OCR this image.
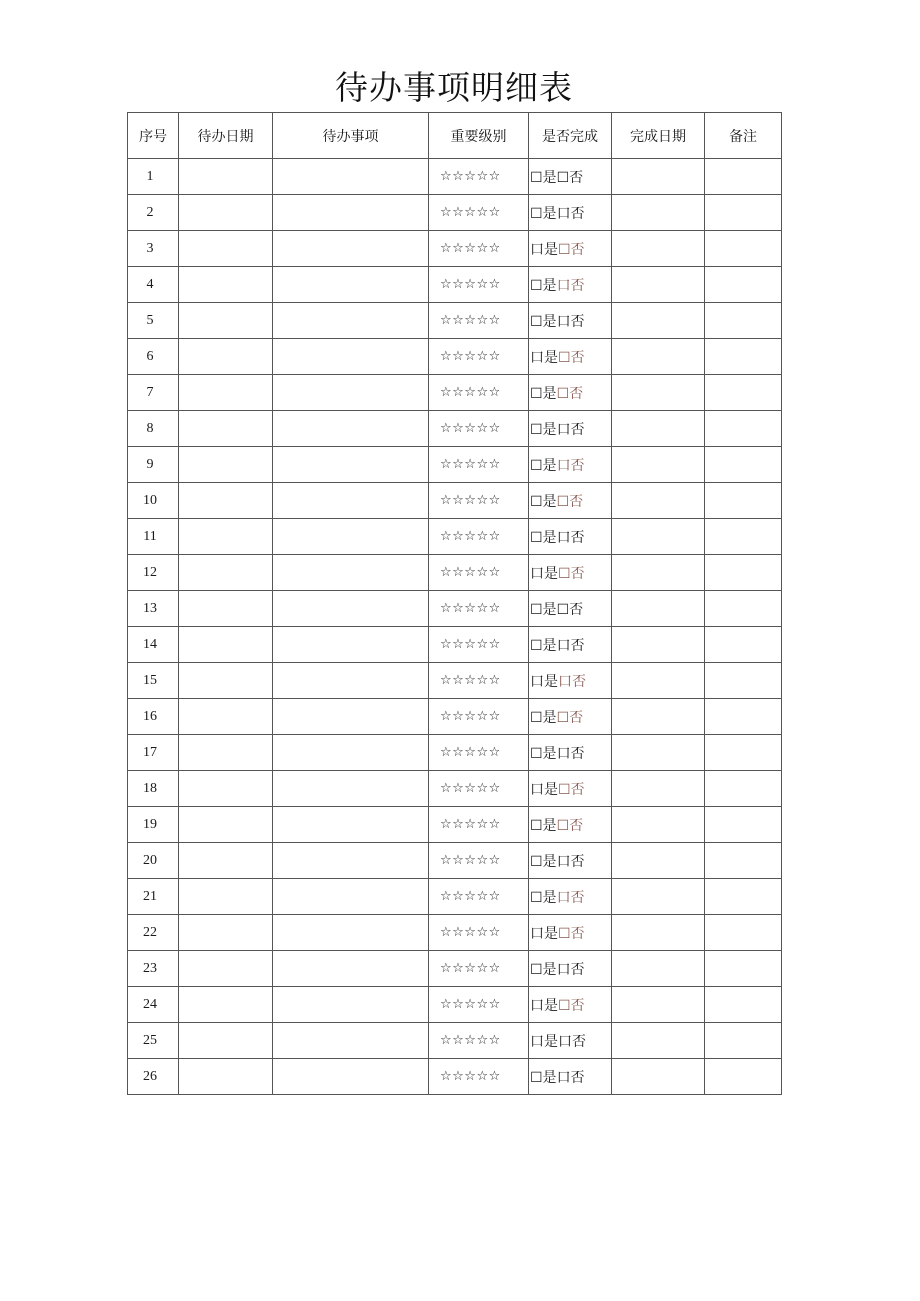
待办事项明细表
序号	待办日期	待办事项	重要级别	是否完成	完成日期	备注
1			☆☆☆☆☆	☐是☐否		
2			☆☆☆☆☆	☐是口否		
3			☆☆☆☆☆	口是☐否		
4			☆☆☆☆☆	☐是口否		
5			☆☆☆☆☆	☐是口否		
6			☆☆☆☆☆	口是☐否		
7			☆☆☆☆☆	☐是☐否		
8			☆☆☆☆☆	☐是口否		
9			☆☆☆☆☆	☐是口否		
10			☆☆☆☆☆	☐是☐否		
11			☆☆☆☆☆	☐是口否		
12			☆☆☆☆☆	口是☐否		
13			☆☆☆☆☆	☐是☐否		
14			☆☆☆☆☆	☐是口否		
15			☆☆☆☆☆	口是口否		
16			☆☆☆☆☆	☐是☐否		
17			☆☆☆☆☆	☐是口否		
18			☆☆☆☆☆	口是☐否		
19			☆☆☆☆☆	☐是☐否		
20			☆☆☆☆☆	☐是口否		
21			☆☆☆☆☆	☐是口否		
22			☆☆☆☆☆	口是☐否		
23			☆☆☆☆☆	☐是口否		
24			☆☆☆☆☆	口是☐否		
25			☆☆☆☆☆	口是口否		
26			☆☆☆☆☆	☐是口否		
